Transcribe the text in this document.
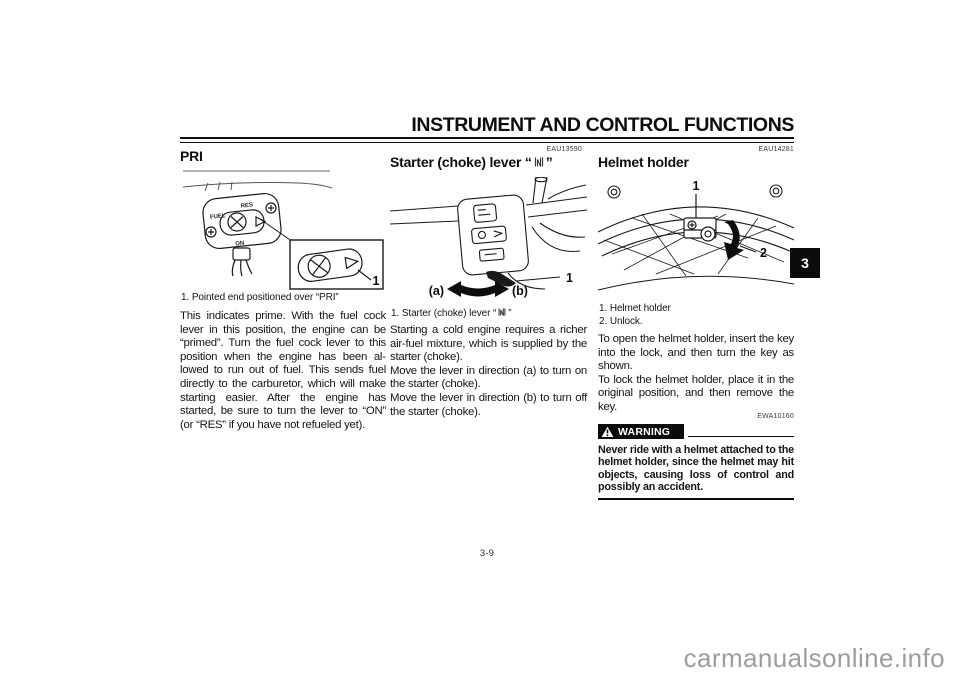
INSTRUMENT AND CONTROL FUNCTIONS
3
PRI
RES
FUEL
ON
1
1. Pointed end positioned over “PRI”
This indicates prime. With the fuel cock lever in this position, the engine can be “primed”. Turn the fuel cock lever to this position when the engine has been allowed to run out of fuel. This sends fuel directly to the carburetor, which will make starting easier. After the engine has started, be sure to turn the lever to “ON” (or “RES” if you have not refueled yet).
EAU13590
Starter (choke) lever “ ”
1
(a)	(b)
1. Starter (choke) lever “ ”

Starting a cold engine requires a richer air-fuel mixture, which is supplied by the starter (choke).

Move the lever in direction (a) to turn on the starter (choke).

Move the lever in direction (b) to turn off the starter (choke).

EAU14281
Helmet holder
1
2
1. Helmet holder
2. Unlock.

To open the helmet holder, insert the key into the lock, and then turn the key as shown.

To lock the helmet holder, place it in the original position, and then remove the key.

EWA10160
WARNING
Never ride with a helmet attached to the helmet holder, since the helmet may hit objects, causing loss of control and possibly an accident.
3-9
carmanualsonline.info
